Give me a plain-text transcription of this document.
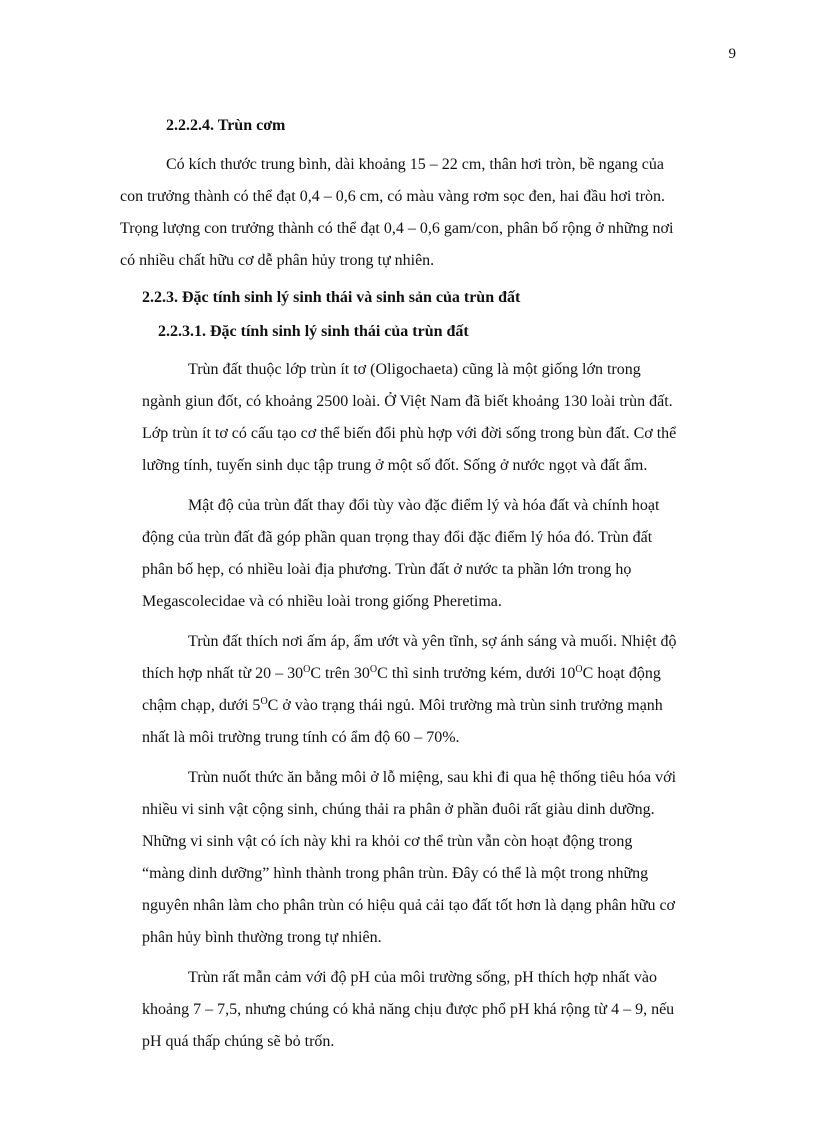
9
2.2.2.4. Trùn cơm
Có kích thước trung bình, dài khoảng 15 – 22 cm, thân hơi tròn, bề ngang của
con trưởng thành có thể đạt 0,4 – 0,6 cm, có màu vàng rơm sọc đen, hai đầu hơi tròn.
Trọng lượng con trưởng thành có thể đạt 0,4 – 0,6 gam/con, phân bố rộng ở những nơi
có nhiều chất hữu cơ dễ phân hủy trong tự nhiên.
2.2.3. Đặc tính sinh lý sinh thái và sinh sản của trùn đất
2.2.3.1. Đặc tính sinh lý sinh thái của trùn đất
Trùn đất thuộc lớp trùn ít tơ (Oligochaeta) cũng là một giống lớn trong
ngành giun đốt, có khoảng 2500 loài. Ở Việt Nam đã biết khoảng 130 loài trùn đất.
Lớp trùn ít tơ có cấu tạo cơ thể biến đổi phù hợp với đời sống trong bùn đất. Cơ thể
lưỡng tính, tuyến sinh dục tập trung ở một số đốt. Sống ở nước ngọt và đất ẩm.
Mật độ của trùn đất thay đổi tùy vào đặc điểm lý và hóa đất và chính hoạt
động của trùn đất đã góp phần quan trọng thay đổi đặc điểm lý hóa đó. Trùn đất
phân bố hẹp, có nhiều loài địa phương. Trùn đất ở nước ta phần lớn trong họ
Megascolecidae và có nhiều loài trong giống Pheretima.
Trùn đất thích nơi ấm áp, ẩm ướt và yên tĩnh, sợ ánh sáng và muối. Nhiệt độ
thích hợp nhất từ $20 - 30^OC$ trên $30^OC$ thì sinh trưởng kém, dưới $10^OC$ hoạt động
chậm chạp, dưới $5^OC$ ở vào trạng thái ngủ. Môi trường mà trùn sinh trưởng mạnh
nhất là môi trường trung tính có ẩm độ 60 – 70%.
Trùn nuốt thức ăn bằng môi ở lỗ miệng, sau khi đi qua hệ thống tiêu hóa với
nhiều vi sinh vật cộng sinh, chúng thải ra phân ở phần đuôi rất giàu dinh dưỡng.
Những vi sinh vật có ích này khi ra khỏi cơ thể trùn vẫn còn hoạt động trong
“màng dinh dưỡng” hình thành trong phân trùn. Đây có thể là một trong những
nguyên nhân làm cho phân trùn có hiệu quả cải tạo đất tốt hơn là dạng phân hữu cơ
phân hủy bình thường trong tự nhiên.
Trùn rất mẫn cảm với độ pH của môi trường sống, pH thích hợp nhất vào
khoảng 7 – 7,5, nhưng chúng có khả năng chịu được phổ pH khá rộng từ 4 – 9, nếu
pH quá thấp chúng sẽ bỏ trốn.
